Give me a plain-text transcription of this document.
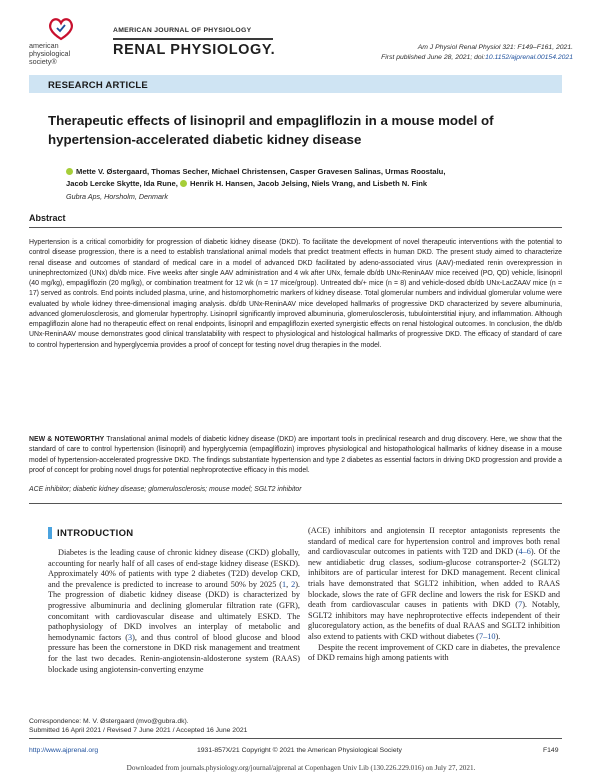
american
physiological
society®
AMERICAN JOURNAL OF PHYSIOLOGY
RENAL PHYSIOLOGY.	Am J Physiol Renal Physiol 321: F149–F161, 2021.
First published June 28, 2021; doi:10.1152/ajprenal.00154.2021
RESEARCH ARTICLE
Therapeutic effects of lisinopril and empagliflozin in a mouse model of hypertension-accelerated diabetic kidney disease
Mette V. Østergaard, Thomas Secher, Michael Christensen, Casper Gravesen Salinas, Urmas Roostalu,
Jacob Lercke Skytte, Ida Rune, Henrik H. Hansen, Jacob Jelsing, Niels Vrang, and Lisbeth N. Fink
Gubra Aps, Horsholm, Denmark
Abstract
Hypertension is a critical comorbidity for progression of diabetic kidney disease (DKD). To facilitate the development of novel therapeutic interventions with the potential to control disease progression, there is a need to establish translational animal models that predict treatment effects in human DKD. The present study aimed to characterize renal disease and outcomes of standard of medical care in a model of advanced DKD facilitated by adeno-associated virus (AAV)-mediated renin overexpression in uninephrectomized (UNx) db/db mice. Five weeks after single AAV administration and 4 wk after UNx, female db/db UNx-ReninAAV mice received (PO, QD) vehicle, lisinopril (40 mg/kg), empagliflozin (20 mg/kg), or combination treatment for 12 wk (n = 17 mice/group). Untreated db/+ mice (n = 8) and vehicle-dosed db/db UNx-LacZAAV mice (n = 17) served as controls. End points included plasma, urine, and histomorphometric markers of kidney disease. Total glomerular numbers and individual glomerular volume were evaluated by whole kidney three-dimensional imaging analysis. db/db UNx-ReninAAV mice developed hallmarks of progressive DKD characterized by severe albuminuria, advanced glomerulosclerosis, and glomerular hypertrophy. Lisinopril significantly improved albuminuria, glomerulosclerosis, tubulointerstitial injury, and inflammation. Although empagliflozin alone had no therapeutic effect on renal endpoints, lisinopril and empagliflozin exerted synergistic effects on renal histological outcomes. In conclusion, the db/db UNx-ReninAAV mouse demonstrates good clinical translatability with respect to physiological and histological hallmarks of progressive DKD. The efficacy of standard of care to control hypertension and hyperglycemia provides a proof of concept for testing novel drug therapies in the model.
NEW & NOTEWORTHY Translational animal models of diabetic kidney disease (DKD) are important tools in preclinical research and drug discovery. Here, we show that the standard of care to control hypertension (lisinopril) and hyperglycemia (empagliflozin) improves physiological and histopathological hallmarks of kidney disease in a mouse model of hypertension-accelerated progressive DKD. The findings substantiate hypertension and type 2 diabetes as essential factors in driving DKD progression and provide a proof of concept for probing novel drugs for potential nephroprotective efficacy in this model.
ACE inhibitor; diabetic kidney disease; glomerulosclerosis; mouse model; SGLT2 inhibitor
INTRODUCTION

Diabetes is the leading cause of chronic kidney disease (CKD) globally, accounting for nearly half of all cases of end-stage kidney disease (ESKD). Approximately 40% of patients with type 2 diabetes (T2D) develop CKD, and the prevalence is predicted to increase to around 50% by 2025 (1, 2). The progression of diabetic kidney disease (DKD) is characterized by progressive albuminuria and declining glomerular filtration rate (GFR), concomitant with cardiovascular disease and ultimately ESKD. The pathophysiology of DKD involves an interplay of metabolic and hemodynamic factors (3), and thus control of blood glucose and blood pressure has been the cornerstone in DKD risk management and treatment for the last two decades. Renin-angiotensin-aldosterone system (RAAS) blockade using angiotensin-converting enzyme

(ACE) inhibitors and angiotensin II receptor antagonists represents the standard of medical care for hypertension control and improves both renal and cardiovascular outcomes in patients with T2D and DKD (4–6). Of the new antidiabetic drug classes, sodium-glucose cotransporter-2 (SGLT2) inhibitors are of particular interest for DKD management. Recent clinical trials have demonstrated that SGLT2 inhibition, when added to RAAS blockade, slows the rate of GFR decline and lowers the risk for ESKD and death from cardiovascular causes in patients with DKD (7). Notably, SGLT2 inhibitors may have nephroprotective effects independent of their glucoregulatory action, as the benefits of dual RAAS and SGLT2 inhibition also extend to patients with CKD without diabetes (7–10).

Despite the recent improvement of CKD care in diabetes, the prevalence of DKD remains high among patients with

Correspondence: M. V. Østergaard (mvo@gubra.dk).
Submitted 16 April 2021 / Revised 7 June 2021 / Accepted 16 June 2021
http://www.ajprenal.org	1931-857X/21 Copyright © 2021 the American Physiological Society	F149
Downloaded from journals.physiology.org/journal/ajprenal at Copenhagen Univ Lib (130.226.229.016) on July 27, 2021.
